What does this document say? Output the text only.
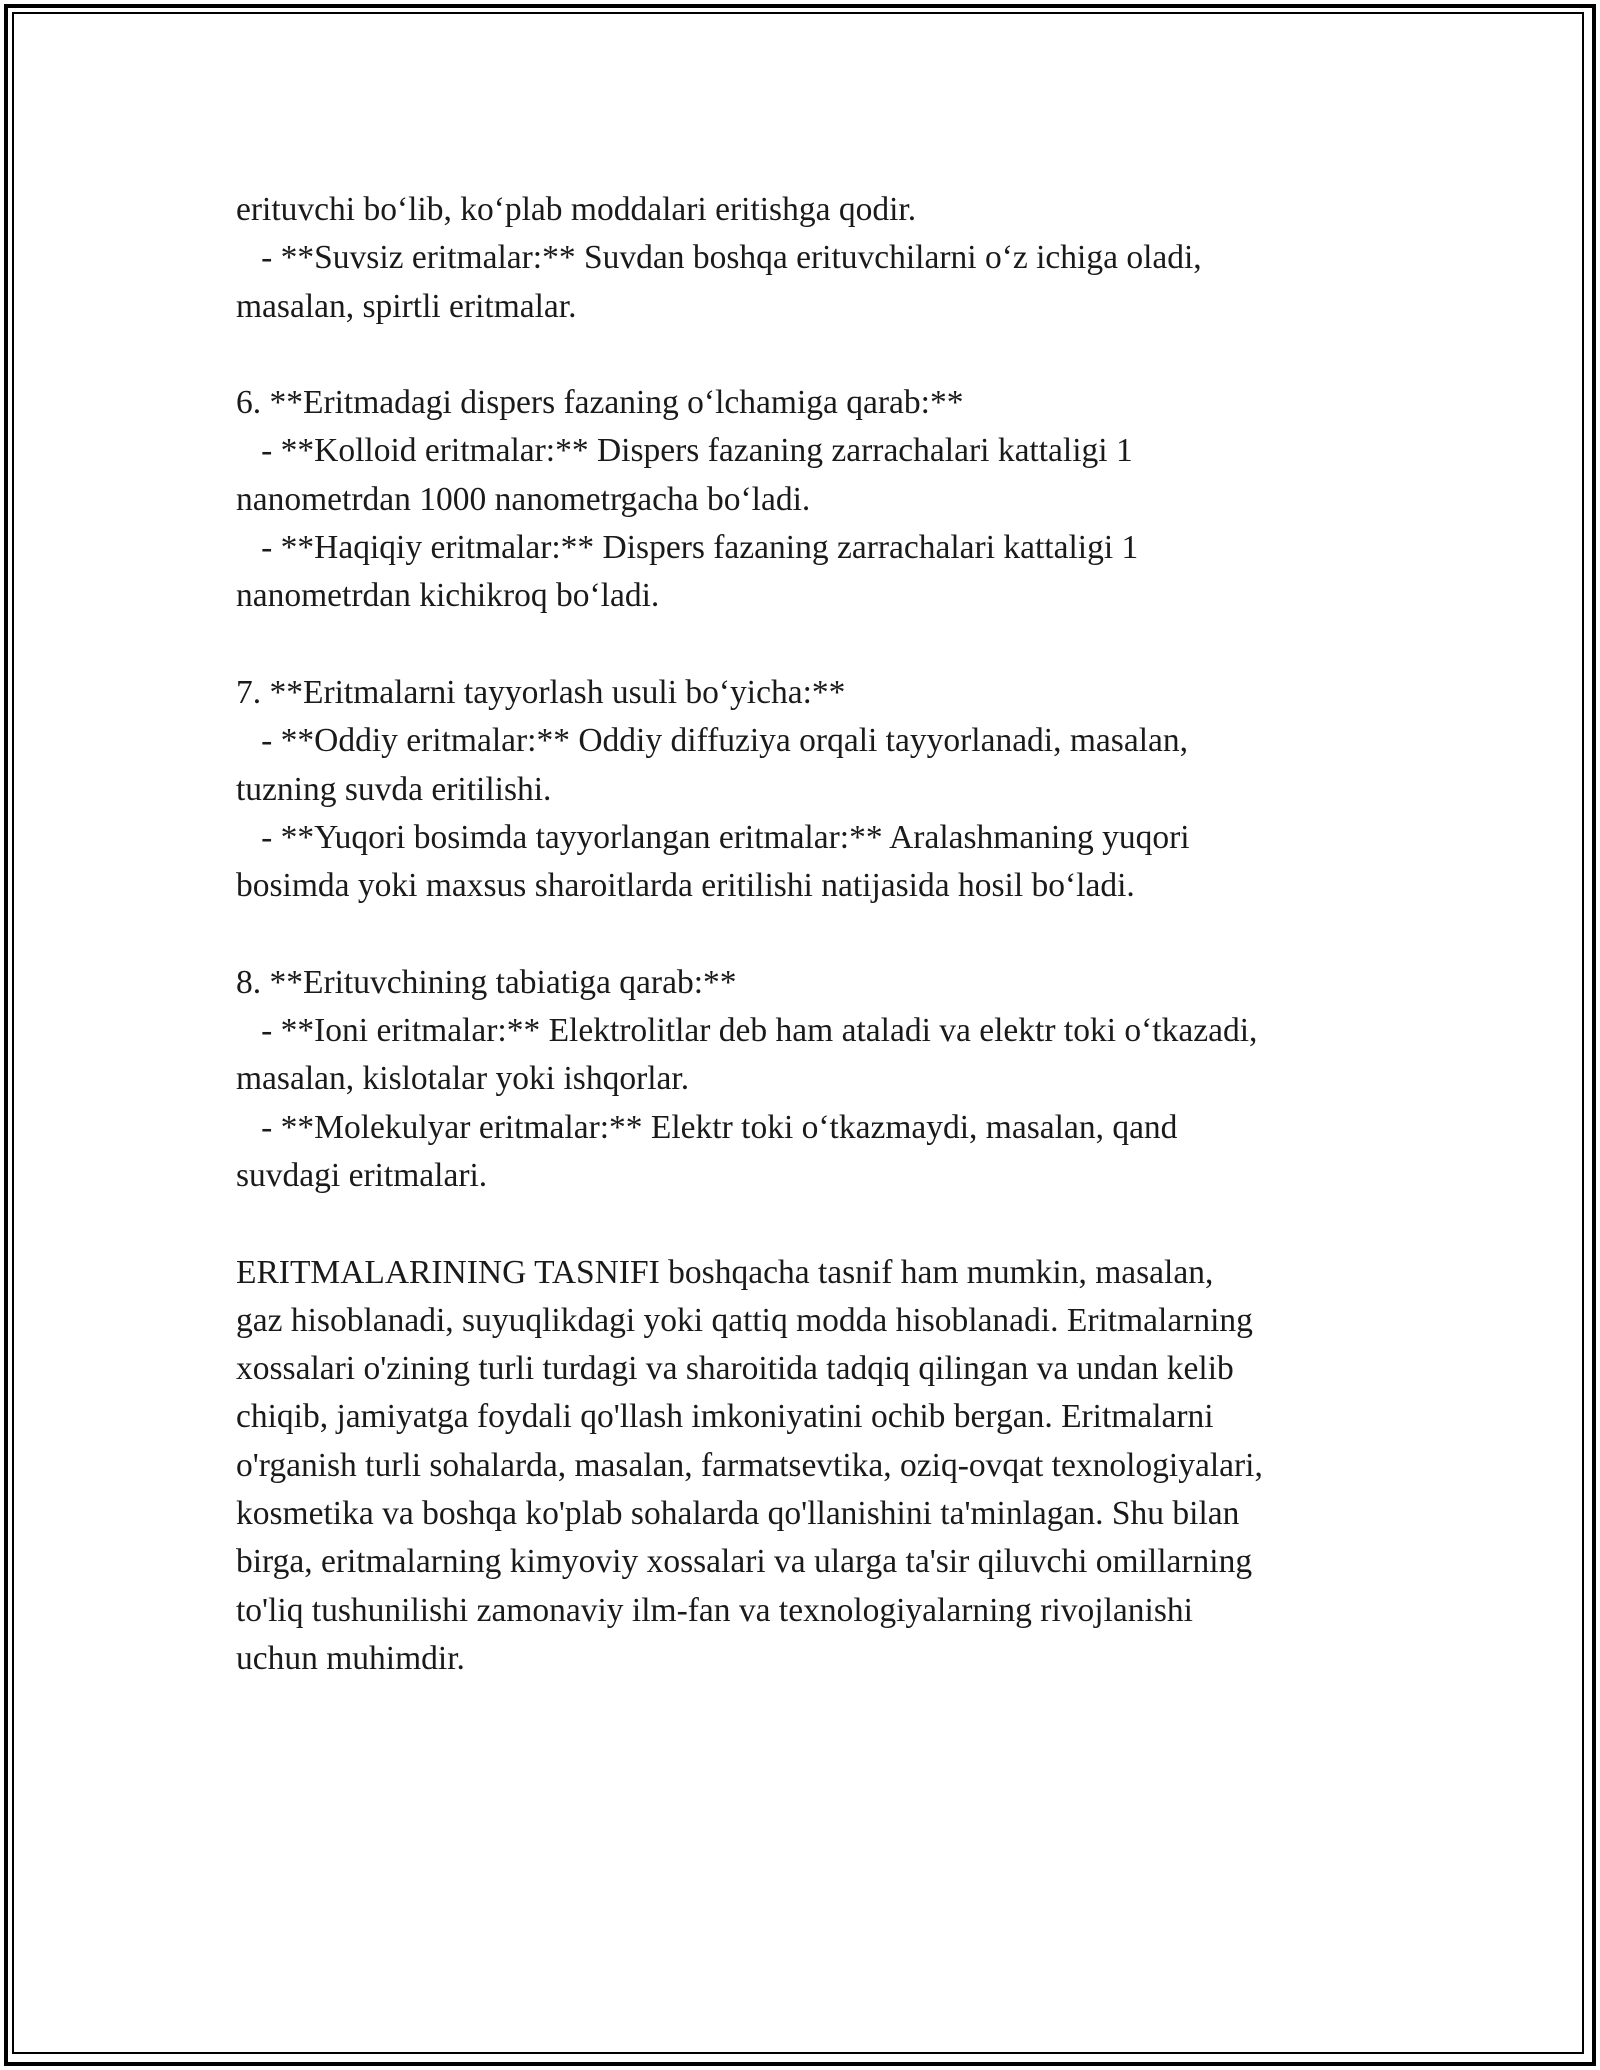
erituvchi bo‘lib, ko‘plab moddalari eritishga qodir.
- **Suvsiz eritmalar:** Suvdan boshqa erituvchilarni o‘z ichiga oladi,
masalan, spirtli eritmalar.
6. **Eritmadagi dispers fazaning o‘lchamiga qarab:**
- **Kolloid eritmalar:** Dispers fazaning zarrachalari kattaligi 1
nanometrdan 1000 nanometrgacha bo‘ladi.
- **Haqiqiy eritmalar:** Dispers fazaning zarrachalari kattaligi 1
nanometrdan kichikroq bo‘ladi.
7. **Eritmalarni tayyorlash usuli bo‘yicha:**
- **Oddiy eritmalar:** Oddiy diffuziya orqali tayyorlanadi, masalan,
tuzning suvda eritilishi.
- **Yuqori bosimda tayyorlangan eritmalar:** Aralashmaning yuqori
bosimda yoki maxsus sharoitlarda eritilishi natijasida hosil bo‘ladi.
8. **Erituvchining tabiatiga qarab:**
- **Ioni eritmalar:** Elektrolitlar deb ham ataladi va elektr toki o‘tkazadi,
masalan, kislotalar yoki ishqorlar.
- **Molekulyar eritmalar:** Elektr toki o‘tkazmaydi, masalan, qand
suvdagi eritmalari.
ERITMALARINING TASNIFI boshqacha tasnif ham mumkin, masalan,
gaz hisoblanadi, suyuqlikdagi yoki qattiq modda hisoblanadi. Eritmalarning
xossalari o'zining turli turdagi va sharoitida tadqiq qilingan va undan kelib
chiqib, jamiyatga foydali qo'llash imkoniyatini ochib bergan. Eritmalarni
o'rganish turli sohalarda, masalan, farmatsevtika, oziq-ovqat texnologiyalari,
kosmetika va boshqa ko'plab sohalarda qo'llanishini ta'minlagan. Shu bilan
birga, eritmalarning kimyoviy xossalari va ularga ta'sir qiluvchi omillarning
to'liq tushunilishi zamonaviy ilm-fan va texnologiyalarning rivojlanishi
uchun muhimdir.
